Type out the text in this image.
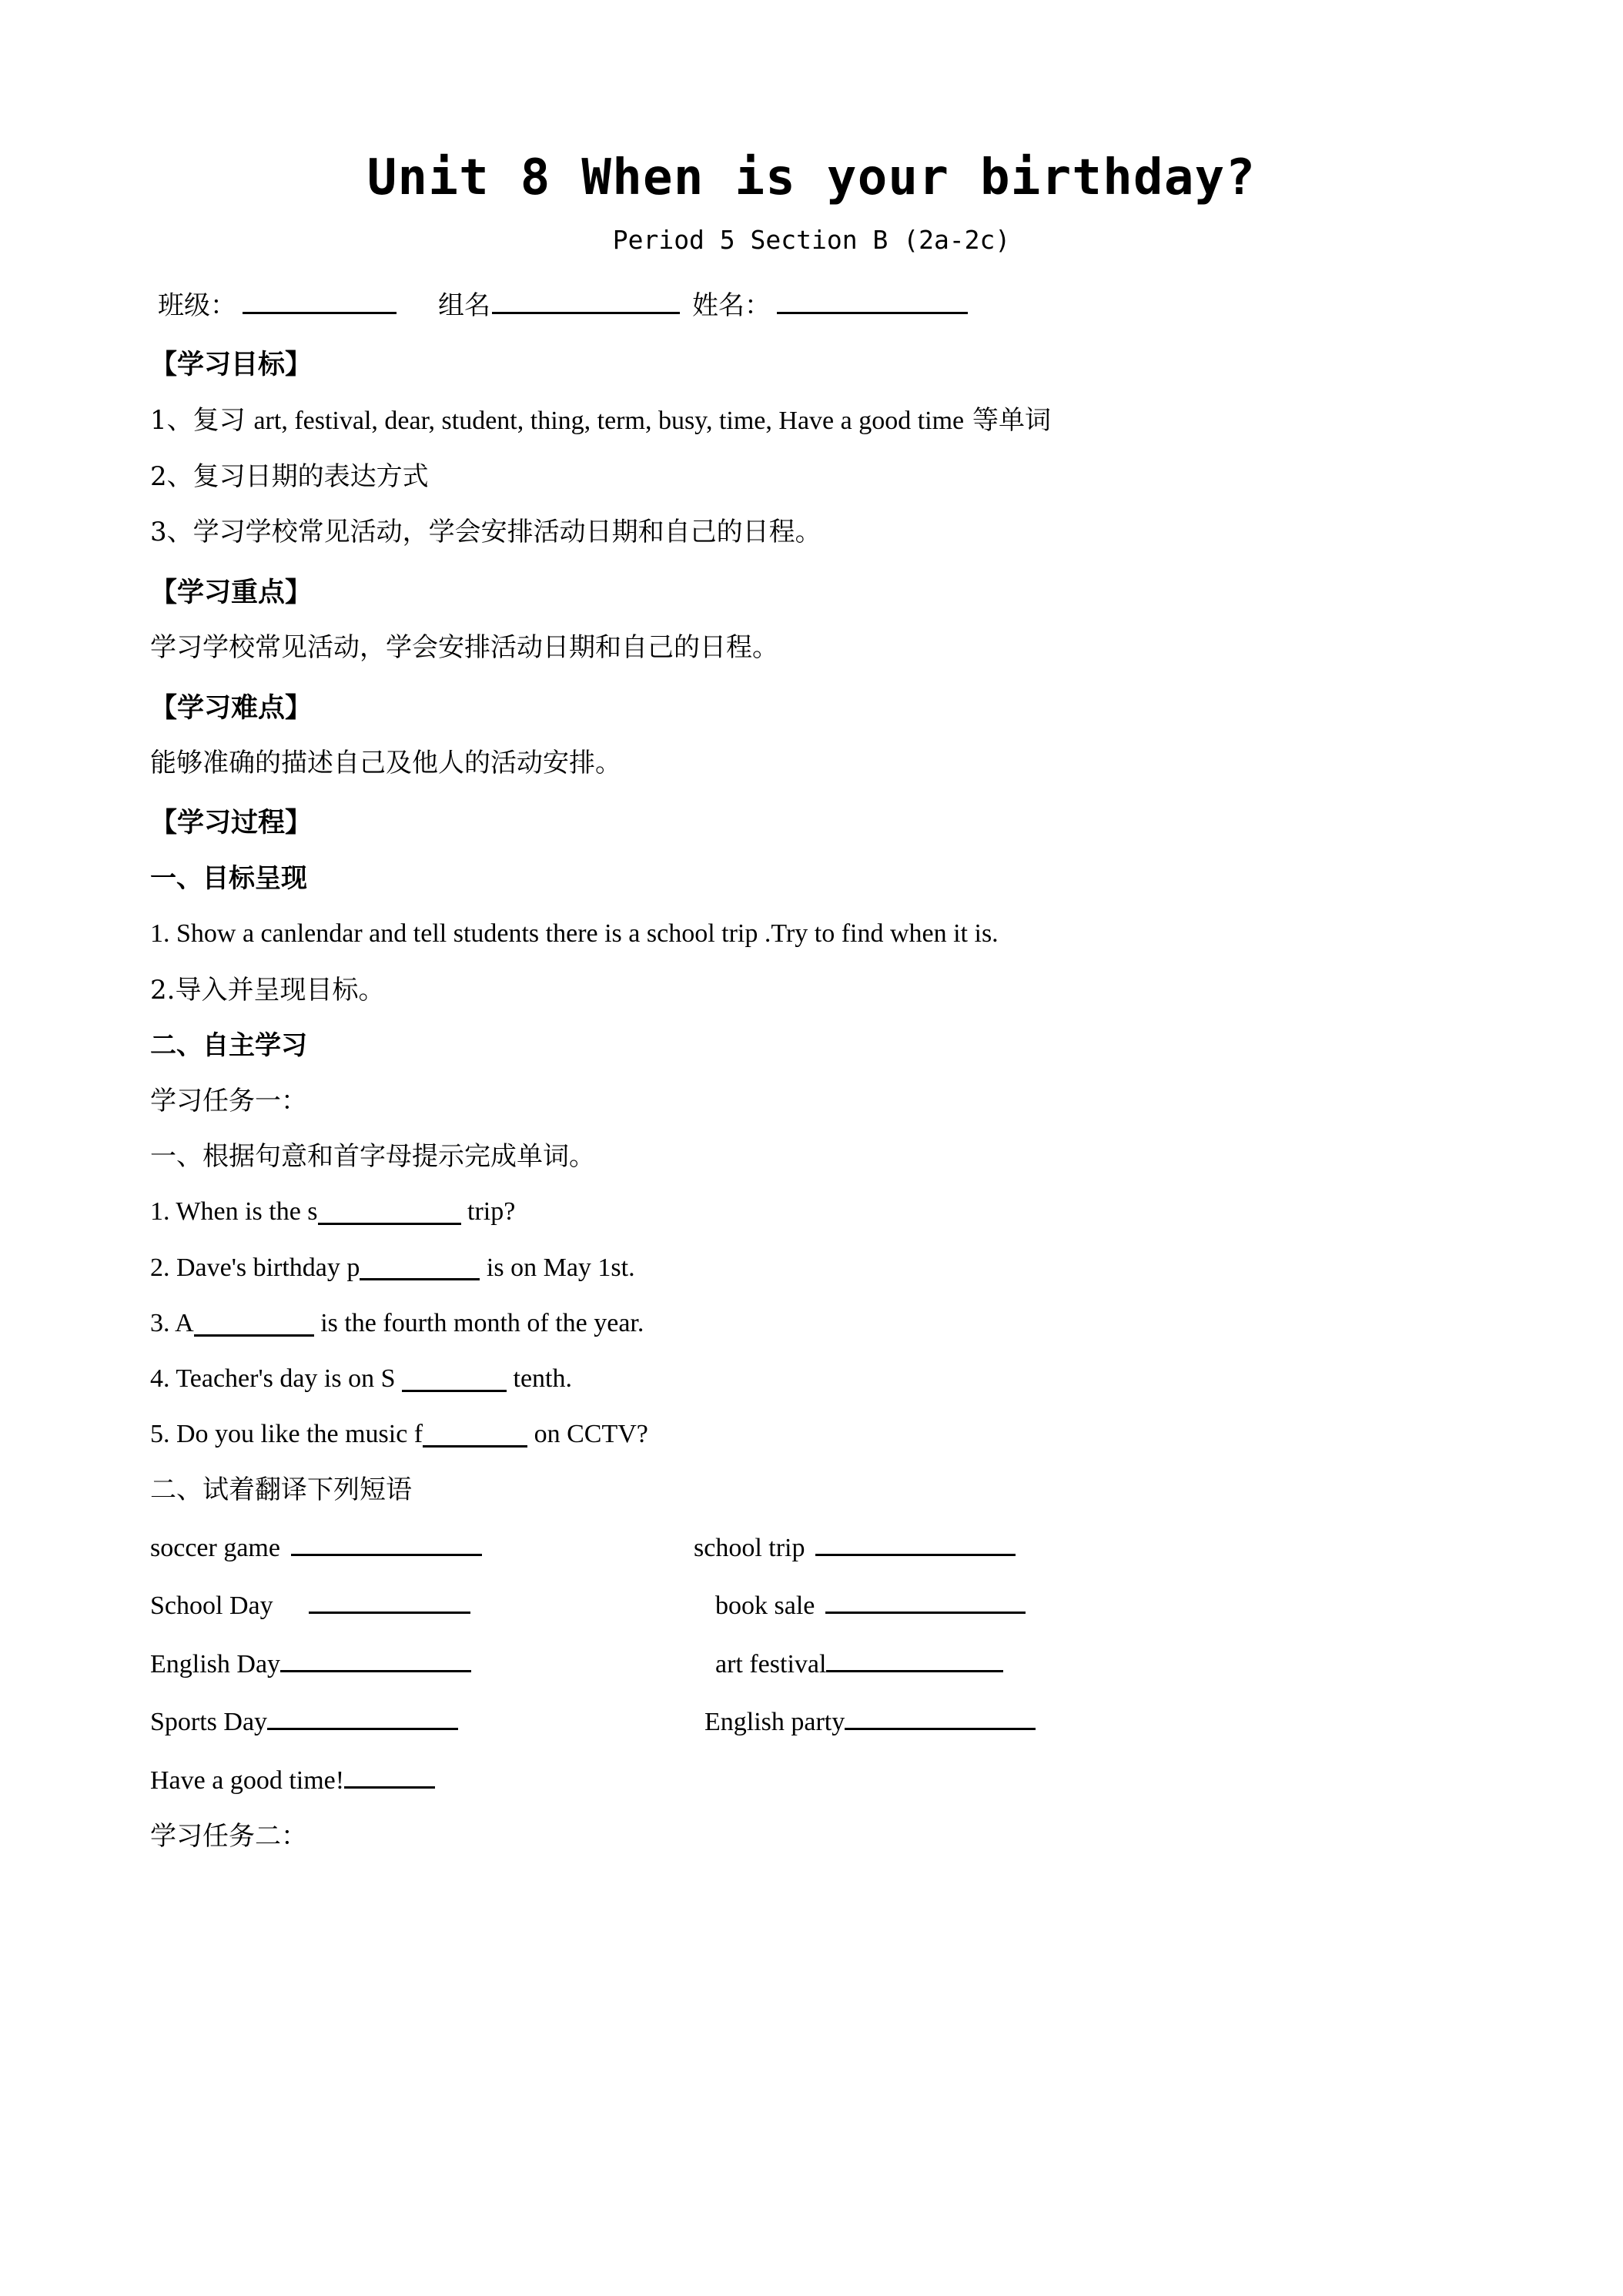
Unit 8 When is your birthday?
Period 5 Section B (2a-2c)
班级：	组名	姓名：
【学习目标】
1、复习 art, festival, dear, student, thing, term, busy, time, Have a good time 等单词
2、复习日期的表达方式
3、学习学校常见活动，学会安排活动日期和自己的日程。
【学习重点】
学习学校常见活动，学会安排活动日期和自己的日程。
【学习难点】
能够准确的描述自己及他人的活动安排。
【学习过程】
一、目标呈现
1. Show a canlendar and tell students there is a school trip .Try to find when it is.
2.导入并呈现目标。
二、自主学习
学习任务一：
一、根据句意和首字母提示完成单词。
1. When is the s	trip?
2. Dave's birthday p	is on May 1st.
3. A	is the fourth month of the year.
4. Teacher's day is on S	tenth.
5. Do you like the music f	on CCTV?
二、试着翻译下列短语
soccer game	school trip
School Day	book sale
English Day	art festival
Sports Day	English party
Have a good time!
学习任务二：
